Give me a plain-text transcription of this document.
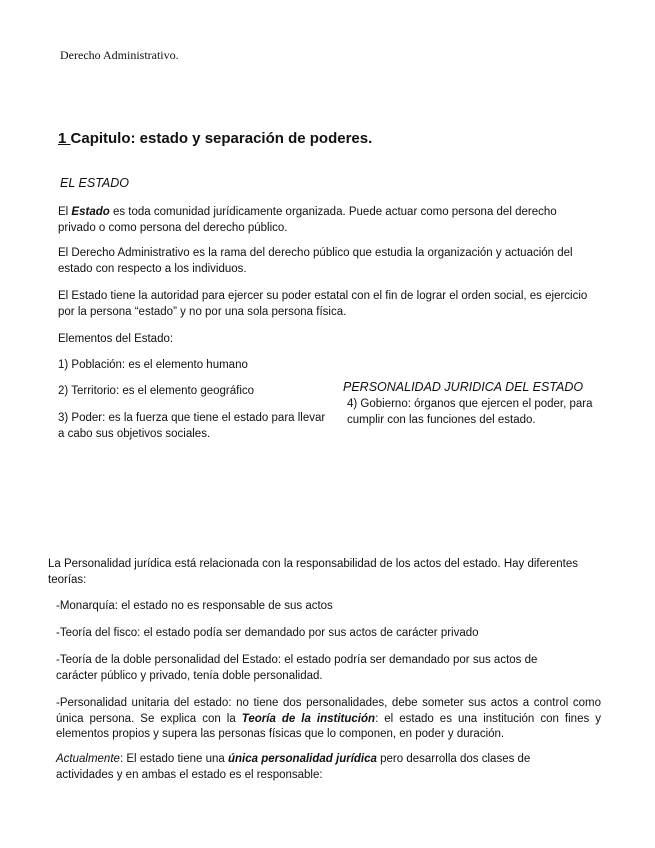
Derecho Administrativo.
1 Capitulo: estado y separación de poderes.
EL ESTADO
El Estado es toda comunidad jurídicamente organizada. Puede actuar como persona del derecho privado o como persona del derecho público.
El Derecho Administrativo es la rama del derecho público que estudia la organización y actuación del estado con respecto a los individuos.
El Estado tiene la autoridad para ejercer su poder estatal con el fin de lograr el orden social, es ejercicio por la persona “estado” y no por una sola persona física.
Elementos del Estado:
1) Población: es el elemento humano
2) Territorio: es el elemento geográfico
3) Poder: es la fuerza que tiene el estado para llevar a cabo sus objetivos sociales.
PERSONALIDAD JURIDICA DEL ESTADO
4) Gobierno: órganos que ejercen el poder, para cumplir con las funciones del estado.
La Personalidad jurídica está relacionada con la responsabilidad de los actos del estado. Hay diferentes teorías:
-Monarquía: el estado no es responsable de sus actos
-Teoría del fisco: el estado podía ser demandado por sus actos de carácter privado
-Teoría de la doble personalidad del Estado: el estado podría ser demandado por sus actos de carácter público y privado, tenía doble personalidad.
-Personalidad unitaria del estado: no tiene dos personalidades, debe someter sus actos a control como única persona. Se explica con la Teoría de la institución: el estado es una institución con fines y elementos propios y supera las personas físicas que lo componen, en poder y duración.
Actualmente: El estado tiene una única personalidad jurídica pero desarrolla dos clases de actividades y en ambas el estado es el responsable:
